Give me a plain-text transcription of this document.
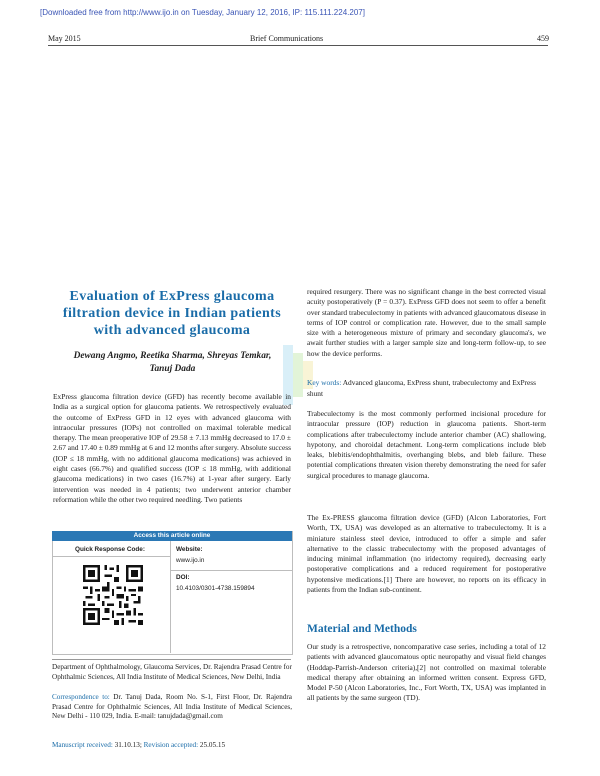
[Downloaded free from http://www.ijo.in on Tuesday, January 12, 2016, IP: 115.111.224.207]
May 2015	Brief Communications	459
Evaluation of ExPress glaucoma filtration device in Indian patients with advanced glaucoma
Dewang Angmo, Reetika Sharma, Shreyas Temkar,
Tanuj Dada
ExPress glaucoma filtration device (GFD) has recently become available in India as a surgical option for glaucoma patients. We retrospectively evaluated the outcome of ExPress GFD in 12 eyes with advanced glaucoma with intraocular pressures (IOPs) not controlled on maximal tolerable medical therapy. The mean preoperative IOP of 29.58 ± 7.13 mmHg decreased to 17.0 ± 2.67 and 17.40 ± 0.89 mmHg at 6 and 12 months after surgery. Absolute success (IOP ≤ 18 mmHg, with no additional glaucoma medications) was achieved in eight cases (66.7%) and qualified success (IOP ≤ 18 mmHg, with additional glaucoma medications) in two cases (16.7%) at 1-year after surgery. Early intervention was needed in 4 patients; two underwent anterior chamber reformation while the other two required needling. Two patients
required resurgery. There was no significant change in the best corrected visual acuity postoperatively (P = 0.37). ExPress GFD does not seem to offer a benefit over standard trabeculectomy in patients with advanced glaucomatous disease in terms of IOP control or complication rate. However, due to the small sample size with a heterogeneous mixture of primary and secondary glaucoma's, we await further studies with a larger sample size and long-term follow-up, to see how the device performs.
Key words: Advanced glaucoma, ExPress shunt, trabeculectomy and ExPress shunt
Trabeculectomy is the most commonly performed incisional procedure for intraocular pressure (IOP) reduction in glaucoma patients. Short-term complications after trabeculectomy include anterior chamber (AC) shallowing, hypotony, and choroidal detachment. Long-term complications include bleb leaks, blebitis/endophthalmitis, overhanging blebs, and bleb failure. These potential complications threaten vision thereby demonstrating the need for safer surgical procedures to manage glaucoma.
The Ex-PRESS glaucoma filtration device (GFD) (Alcon Laboratories, Fort Worth, TX, USA) was developed as an alternative to trabeculectomy. It is a miniature stainless steel device, introduced to offer a simple and safer alternative to the classic trabeculectomy with the proposed advantages of inducing minimal inflammation (no iridectomy required), decreasing early postoperative complications and a reduced requirement for postoperative hypotensive medications.[1] There are however, no reports on its efficacy in patients from the Indian sub-continent.
Material and Methods
Our study is a retrospective, noncomparative case series, including a total of 12 patients with advanced glaucomatous optic neuropathy and visual field changes (Hoddap-Parrish-Anderson criteria),[2] not controlled on maximal tolerable medical therapy after obtaining an informed written consent. Express GFD, Model P-50 (Alcon Laboratories, Inc., Fort Worth, TX, USA) was implanted in all patients by the same surgeon (TD).
Access this article online
Quick Response Code:	Website:
www.ijo.in
DOI:
10.4103/0301-4738.159894
Department of Ophthalmology, Glaucoma Services, Dr. Rajendra Prasad Centre for Ophthalmic Sciences, All India Institute of Medical Sciences, New Delhi, India
Correspondence to: Dr. Tanuj Dada, Room No. S-1, First Floor, Dr. Rajendra Prasad Centre for Ophthalmic Sciences, All India Institute of Medical Sciences, New Delhi - 110 029, India. E-mail: tanujdada@gmail.com
Manuscript received: 31.10.13; Revision accepted: 25.05.15
